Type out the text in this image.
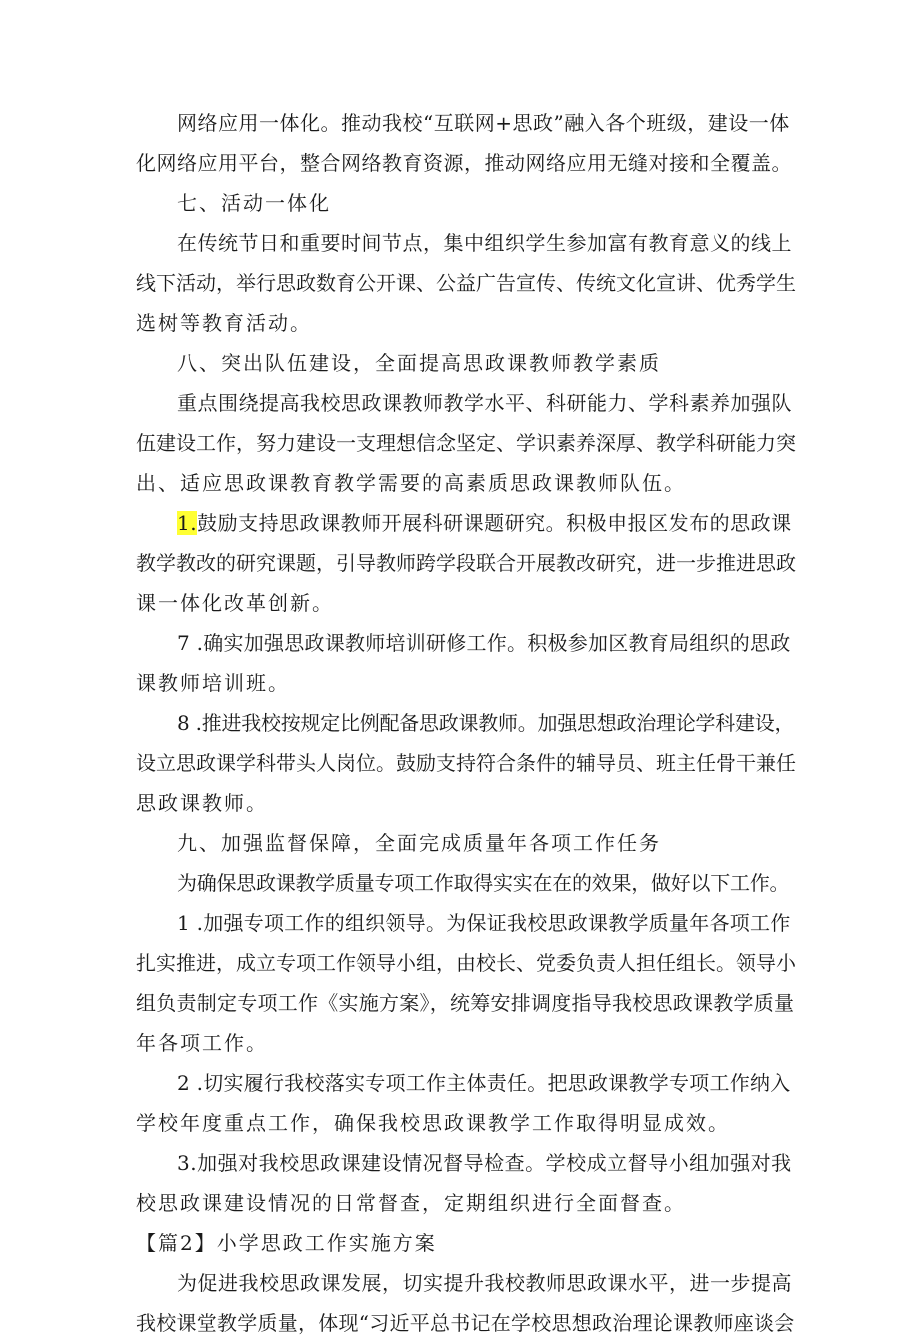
网络应用一体化。推动我校“互联网+思政”融入各个班级，建设一体
化网络应用平台，整合网络教育资源，推动网络应用无缝对接和全覆盖。
七、活动一体化
在传统节日和重要时间节点，集中组织学生参加富有教育意义的线上
线下活动，举行思政数育公开课、公益广告宣传、传统文化宣讲、优秀学生
选树等教育活动。
八、突出队伍建设，全面提高思政课教师教学素质
重点围绕提高我校思政课教师教学水平、科研能力、学科素养加强队
伍建设工作，努力建设一支理想信念坚定、学识素养深厚、教学科研能力突
出、适应思政课教育教学需要的高素质思政课教师队伍。
1.鼓励支持思政课教师开展科研课题研究。积极申报区发布的思政课
教学教改的研究课题，引导教师跨学段联合开展教改研究，进一步推进思政
课一体化改革创新。
7 .确实加强思政课教师培训研修工作。积极参加区教育局组织的思政
课教师培训班。
8 .推进我校按规定比例配备思政课教师。加强思想政治理论学科建设，
设立思政课学科带头人岗位。鼓励支持符合条件的辅导员、班主任骨干兼任
思政课教师。
九、加强监督保障，全面完成质量年各项工作任务
为确保思政课教学质量专项工作取得实实在在的效果，做好以下工作。
1 .加强专项工作的组织领导。为保证我校思政课教学质量年各项工作
扎实推进，成立专项工作领导小组，由校长、党委负责人担任组长。领导小
组负责制定专项工作《实施方案》，统筹安排调度指导我校思政课教学质量
年各项工作。
2 .切实履行我校落实专项工作主体责任。把思政课教学专项工作纳入
学校年度重点工作，确保我校思政课教学工作取得明显成效。
3.加强对我校思政课建设情况督导检查。学校成立督导小组加强对我
校思政课建设情况的日常督查，定期组织进行全面督查。
【篇2】小学思政工作实施方案
为促进我校思政课发展，切实提升我校教师思政课水平，进一步提高
我校课堂教学质量，体现“习近平总书记在学校思想政治理论课教师座谈会
